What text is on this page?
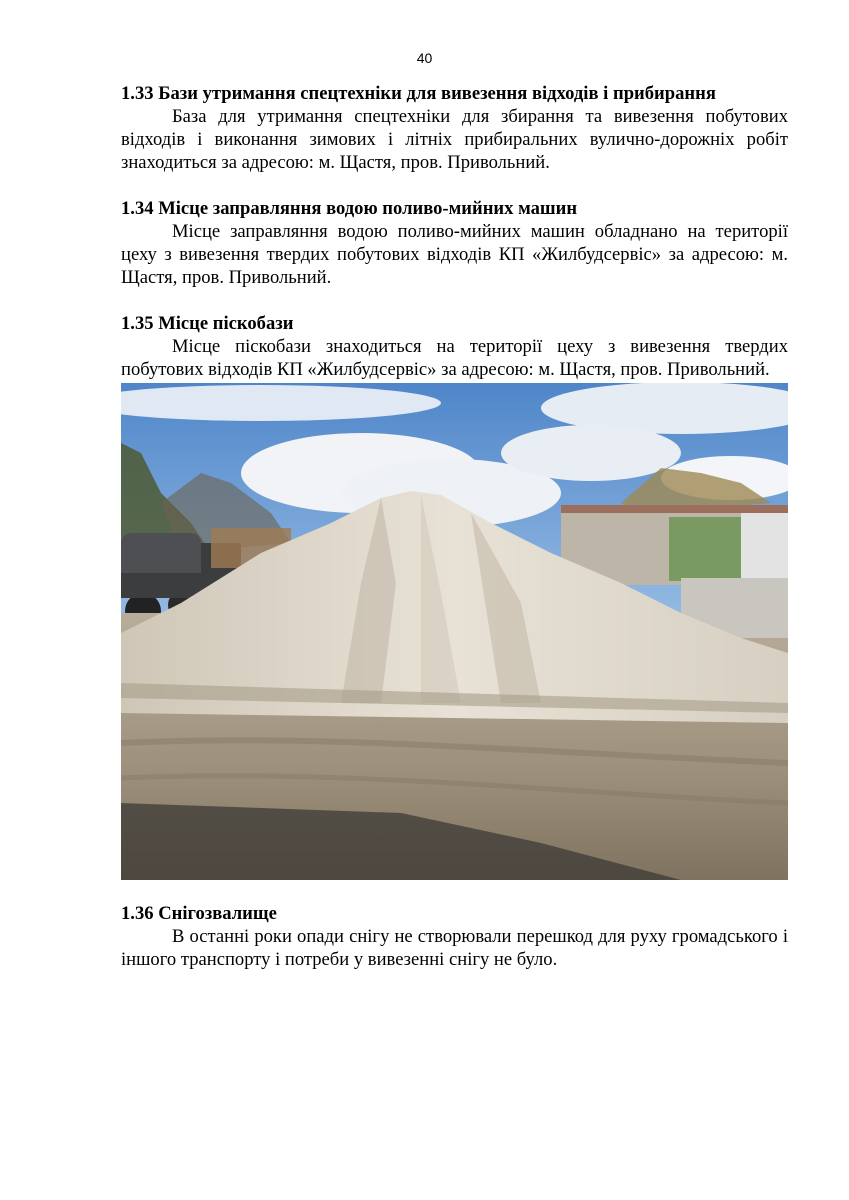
40

1.33 Бази утримання спецтехніки для вивезення відходів і прибирання

База для утримання спецтехніки для збирання та вивезення побутових відходів і виконання зимових і літніх прибиральних вулично-дорожніх робіт знаходиться за адресою: м. Щастя, пров. Привольний.

1.34 Місце заправляння водою поливо-мийних машин

Місце заправляння водою поливо-мийних машин обладнано на території цеху з вивезення твердих побутових відходів КП «Жилбудсервіс» за адресою: м. Щастя, пров. Привольний.

1.35 Місце піскобази

Місце піскобази знаходиться на території цеху з вивезення твердих побутових відходів КП «Жилбудсервіс» за адресою: м. Щастя, пров. Привольний.

1.36 Снігозвалище

В останні роки опади снігу не створювали перешкод для руху громадського і іншого транспорту і потреби у вивезенні снігу не було.
